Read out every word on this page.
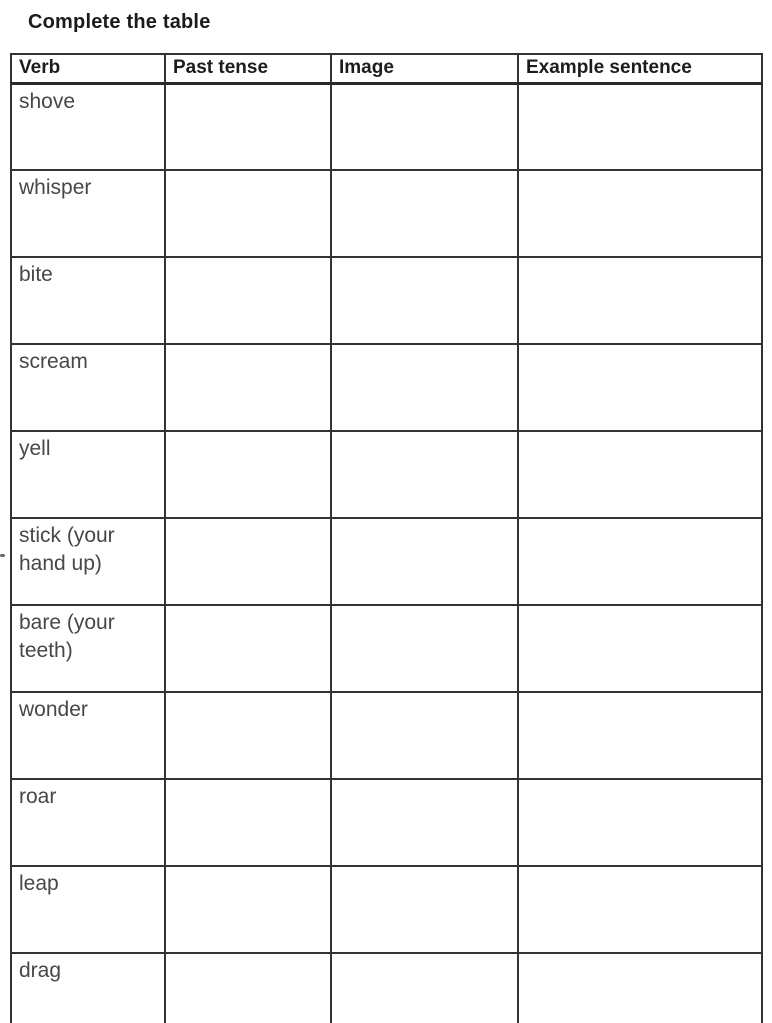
Complete the table
Verb	Past tense	Image	Example sentence
shove			
whisper			
bite			
scream			
yell			
stick (your hand up)			
bare (your teeth)			
wonder			
roar			
leap			
drag			
